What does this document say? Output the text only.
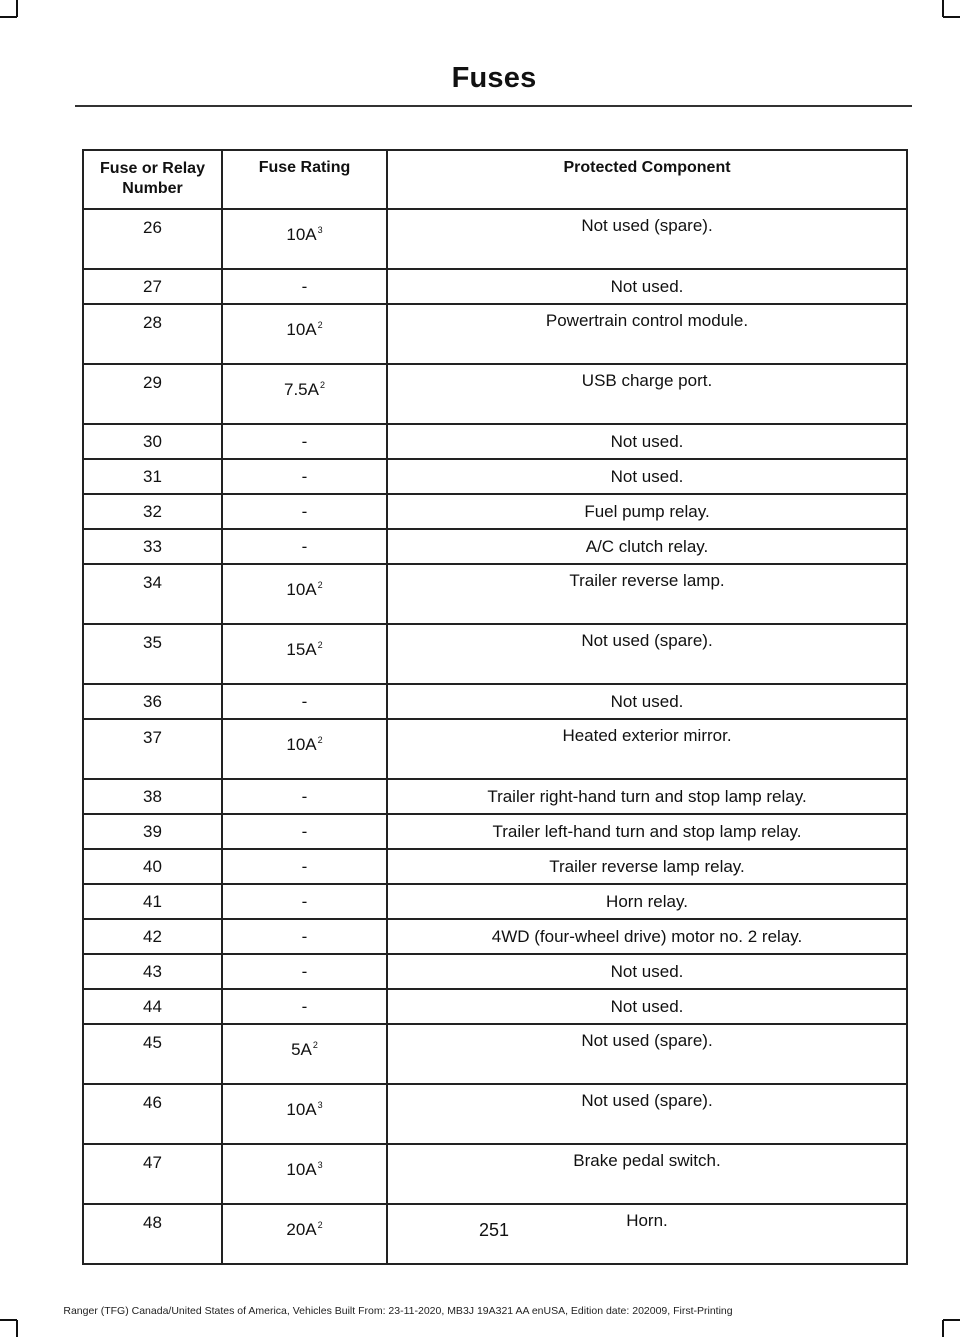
Fuses
Fuse or Relay Number	Fuse Rating	Protected Component
26	$10A^3$	Not used (spare).
27	-	Not used.
28	$10A^2$	Powertrain control module.
29	$7.5A^2$	USB charge port.
30	-	Not used.
31	-	Not used.
32	-	Fuel pump relay.
33	-	A/C clutch relay.
34	$10A^2$	Trailer reverse lamp.
35	$15A^2$	Not used (spare).
36	-	Not used.
37	$10A^2$	Heated exterior mirror.
38	-	Trailer right-hand turn and stop lamp relay.
39	-	Trailer left-hand turn and stop lamp relay.
40	-	Trailer reverse lamp relay.
41	-	Horn relay.
42	-	4WD (four-wheel drive) motor no. 2 relay.
43	-	Not used.
44	-	Not used.
45	$5A^2$	Not used (spare).
46	$10A^3$	Not used (spare).
47	$10A^3$	Brake pedal switch.
48	$20A^2$	Horn.
251
Ranger (TFG) Canada/United States of America, Vehicles Built From: 23-11-2020, MB3J 19A321 AA enUSA, Edition date: 202009, First-Printing
